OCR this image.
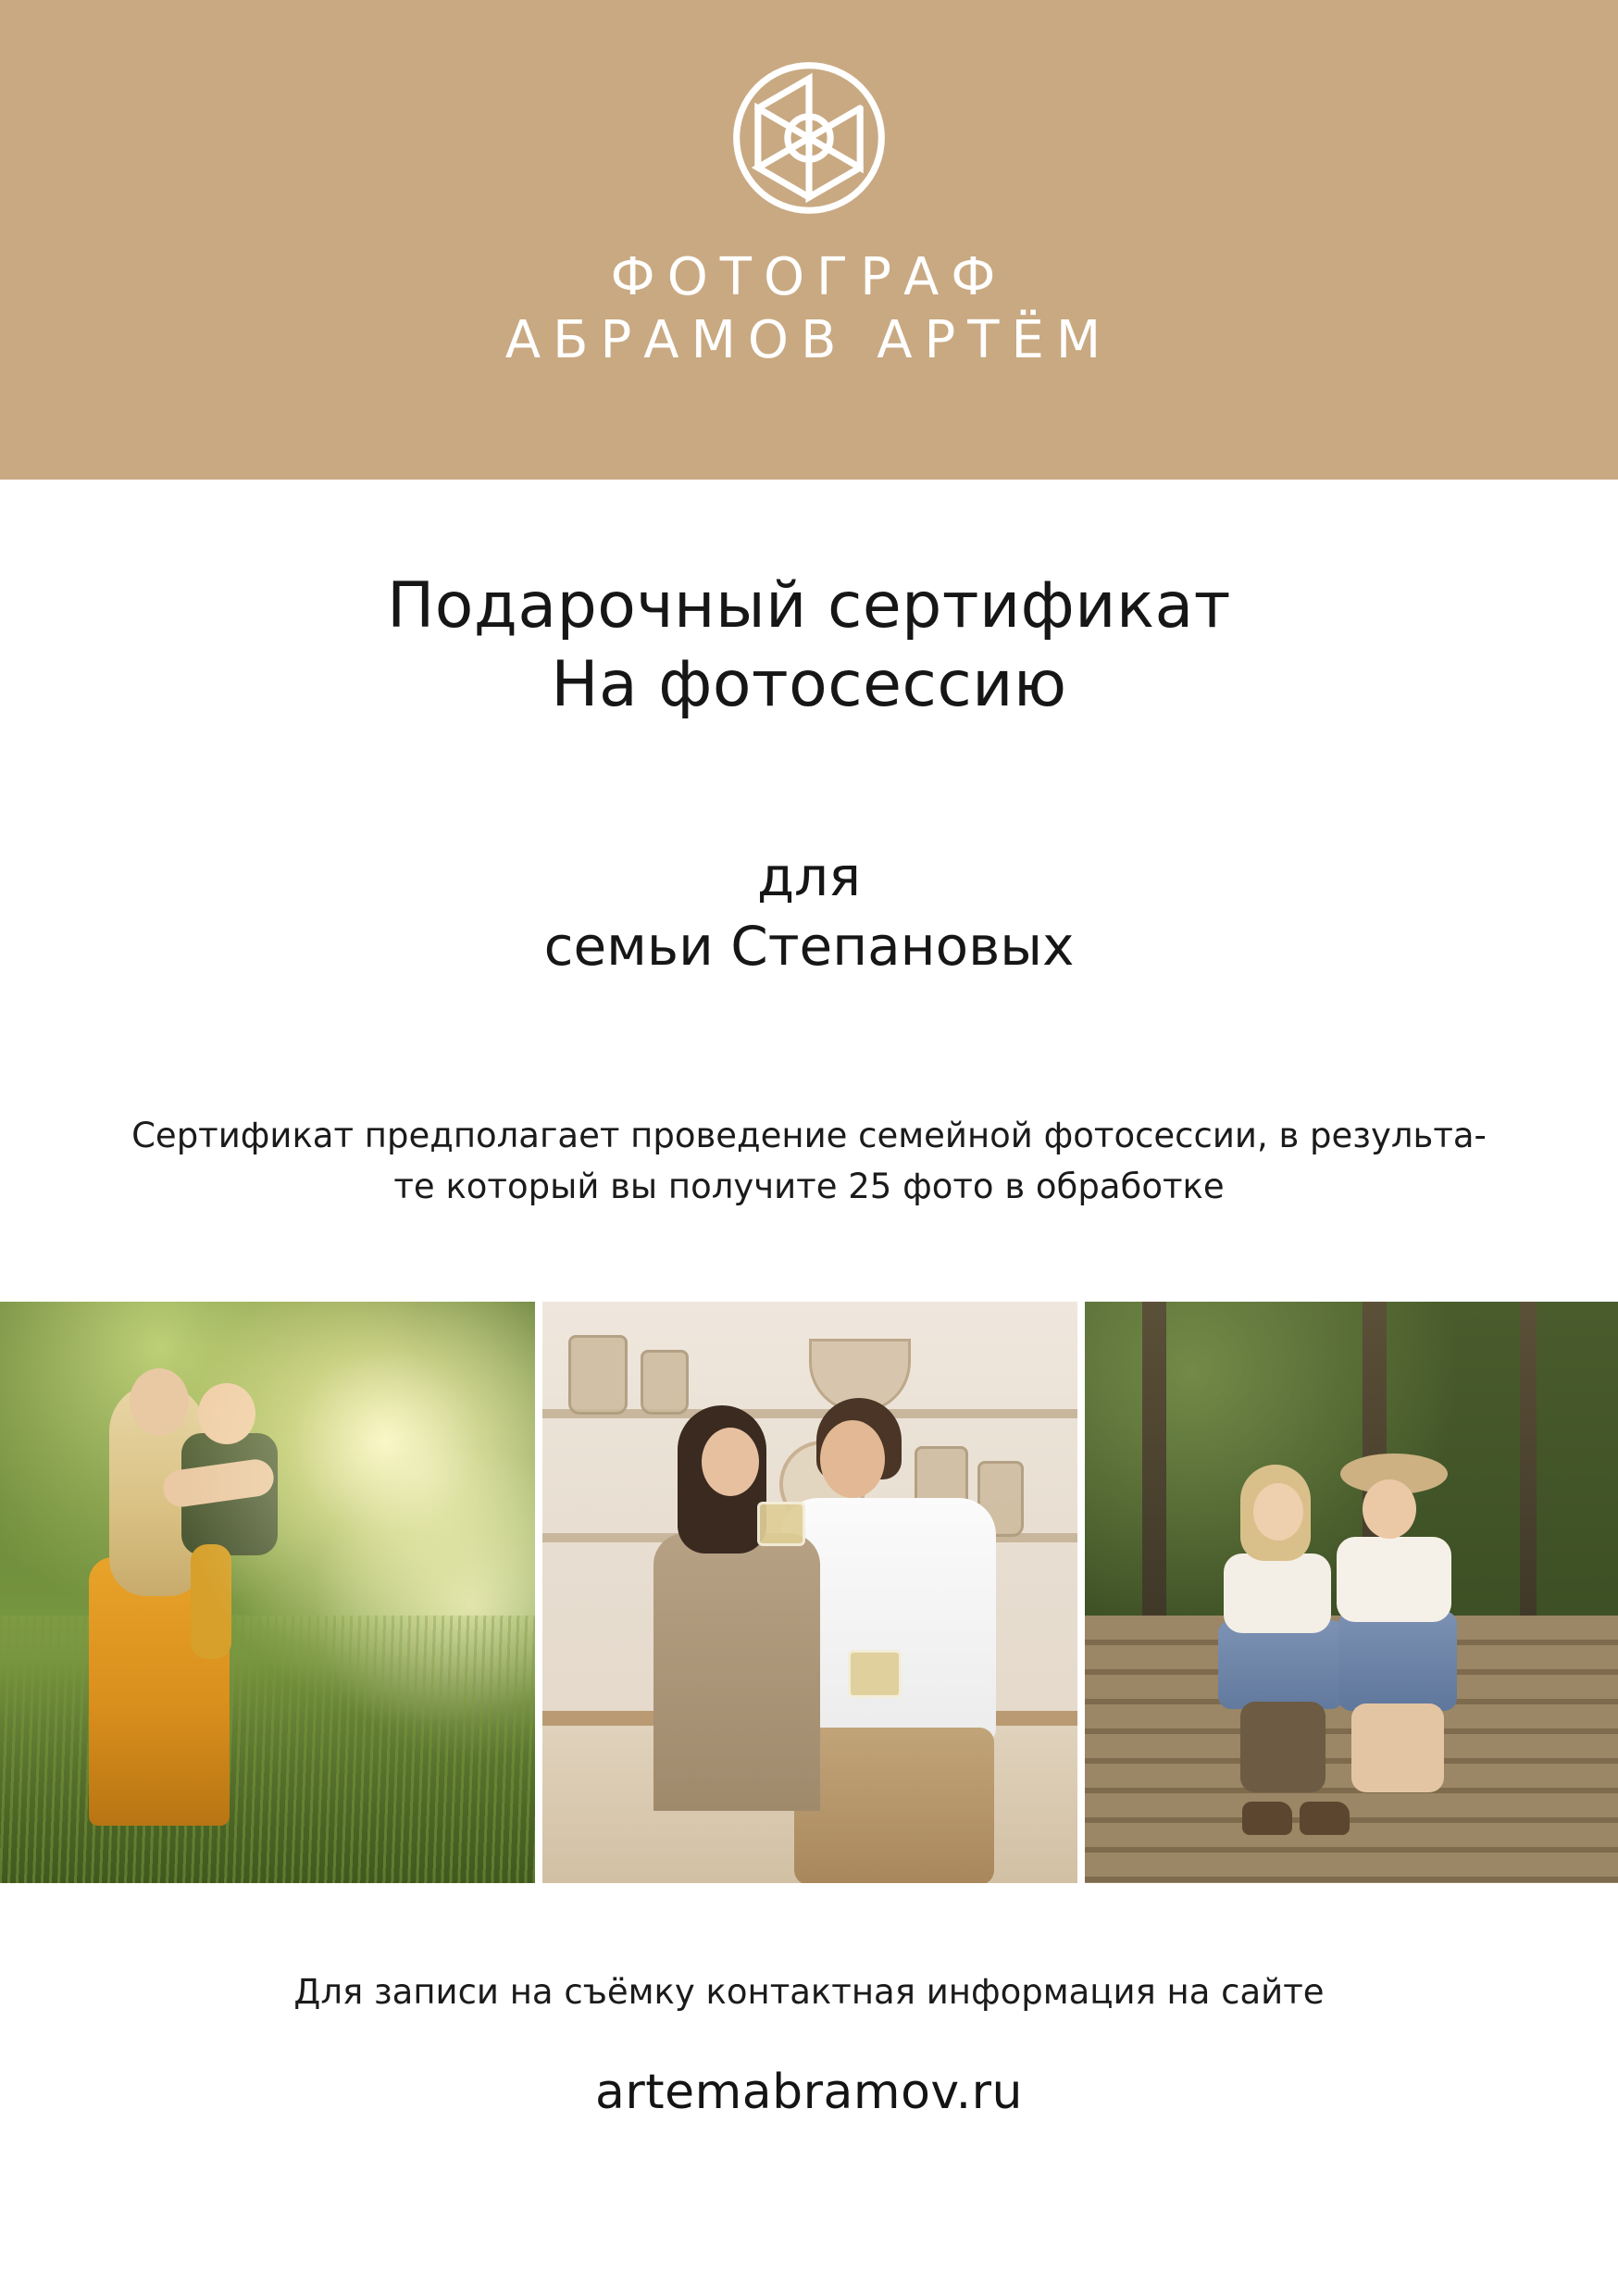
ФОТОГРАФ
АБРАМОВ АРТЁМ
Подарочный сертификат
На фотосессию
для
семьи Степановых
Сертификат предполагает проведение семейной фотосессии, в результа-
те который вы получите 25 фото в обработке
Для записи на съёмку контактная информация на сайте
artemabramov.ru
